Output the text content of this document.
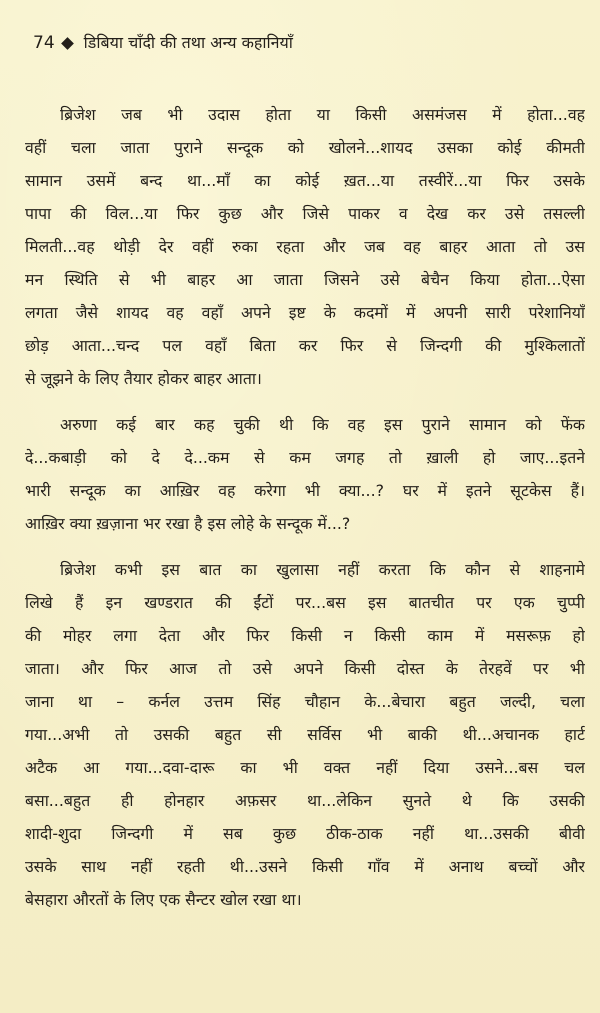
74 डिबिया चाँदी की तथा अन्य कहानियाँ
ब्रिजेश जब भी उदास होता या किसी असमंजस में होता...वह
वहीं चला जाता पुराने सन्दूक को खोलने...शायद उसका कोई कीमती
सामान उसमें बन्द था...माँ का कोई ख़त...या तस्वीरें...या फिर उसके
पापा की विल...या फिर कुछ और जिसे पाकर व देख कर उसे तसल्ली
मिलती...वह थोड़ी देर वहीं रुका रहता और जब वह बाहर आता तो उस
मन स्थिति से भी बाहर आ जाता जिसने उसे बेचैन किया होता...ऐसा
लगता जैसे शायद वह वहाँ अपने इष्ट के कदमों में अपनी सारी परेशानियाँ
छोड़ आता...चन्द पल वहाँ बिता कर फिर से जिन्दगी की मुश्किलातों
से जूझने के लिए तैयार होकर बाहर आता।
अरुणा कई बार कह चुकी थी कि वह इस पुराने सामान को फेंक
दे...कबाड़ी को दे दे...कम से कम जगह तो ख़ाली हो जाए...इतने
भारी सन्दूक का आख़िर वह करेगा भी क्या...? घर में इतने सूटकेस हैं।
आख़िर क्या ख़ज़ाना भर रखा है इस लोहे के सन्दूक में...?
ब्रिजेश कभी इस बात का खुलासा नहीं करता कि कौन से शाहनामे
लिखे हैं इन खण्डरात की ईंटों पर...बस इस बातचीत पर एक चुप्पी
की मोहर लगा देता और फिर किसी न किसी काम में मसरूफ़ हो
जाता। और फिर आज तो उसे अपने किसी दोस्त के तेरहवें पर भी
जाना था – कर्नल उत्तम सिंह चौहान के...बेचारा बहुत जल्दी, चला
गया...अभी तो उसकी बहुत सी सर्विस भी बाकी थी...अचानक हार्ट
अटैक आ गया...दवा-दारू का भी वक्त नहीं दिया उसने...बस चल
बसा...बहुत ही होनहार अफ़सर था...लेकिन सुनते थे कि उसकी
शादी-शुदा जिन्दगी में सब कुछ ठीक-ठाक नहीं था...उसकी बीवी
उसके साथ नहीं रहती थी...उसने किसी गाँव में अनाथ बच्चों और
बेसहारा औरतों के लिए एक सैन्टर खोल रखा था।
